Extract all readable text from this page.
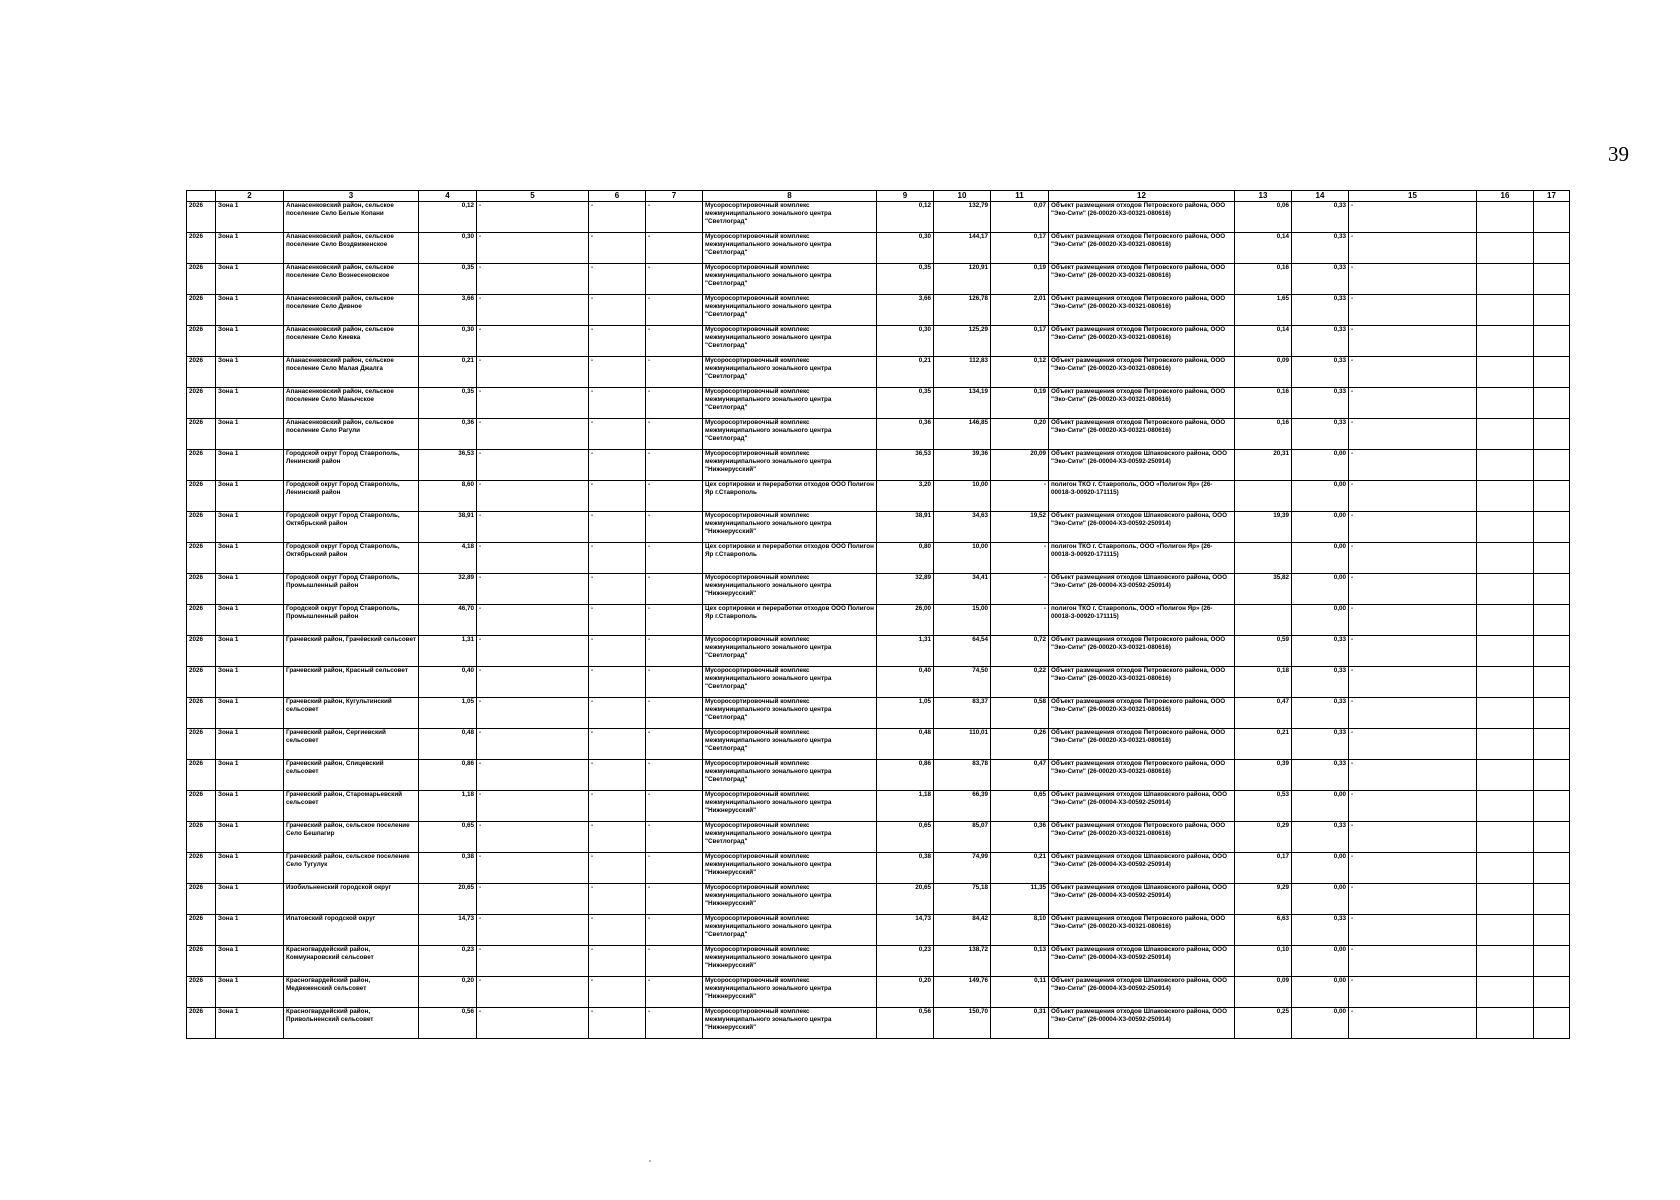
39
	2	3	4	5	6	7	8	9	10	11	12	13	14	15	16	17
2026	Зона 1	Апанасенковский район, сельское поселение Село Белые Копани	0,12	-	-	-	Мусоросортировочный комплекс межмуниципального зонального центра "Светлоград"	0,12	132,79	0,07	Объект размещения отходов Петровского района, ООО "Эко-Сити" (26-00020-Х3-00321-080616)	0,06	0,33	-		
2026	Зона 1	Апанасенковский район, сельское поселение Село Воздвиженское	0,30	-	-	-	Мусоросортировочный комплекс межмуниципального зонального центра "Светлоград"	0,30	144,17	0,17	Объект размещения отходов Петровского района, ООО "Эко-Сити" (26-00020-Х3-00321-080616)	0,14	0,33	-		
2026	Зона 1	Апанасенковский район, сельское поселение Село Вознесеновское	0,35	-	-	-	Мусоросортировочный комплекс межмуниципального зонального центра "Светлоград"	0,35	120,91	0,19	Объект размещения отходов Петровского района, ООО "Эко-Сити" (26-00020-Х3-00321-080616)	0,16	0,33	-		
2026	Зона 1	Апанасенковский район, сельское поселение Село Дивное	3,66	-	-	-	Мусоросортировочный комплекс межмуниципального зонального центра "Светлоград"	3,66	126,78	2,01	Объект размещения отходов Петровского района, ООО "Эко-Сити" (26-00020-Х3-00321-080616)	1,65	0,33	-		
2026	Зона 1	Апанасенковский район, сельское поселение Село Киевка	0,30	-	-	-	Мусоросортировочный комплекс межмуниципального зонального центра "Светлоград"	0,30	125,29	0,17	Объект размещения отходов Петровского района, ООО "Эко-Сити" (26-00020-Х3-00321-080616)	0,14	0,33	-		
2026	Зона 1	Апанасенковский район, сельское поселение Село Малая Джалга	0,21	-	-	-	Мусоросортировочный комплекс межмуниципального зонального центра "Светлоград"	0,21	112,83	0,12	Объект размещения отходов Петровского района, ООО "Эко-Сити" (26-00020-Х3-00321-080616)	0,09	0,33	-		
2026	Зона 1	Апанасенковский район, сельское поселение Село Манычское	0,35	-	-	-	Мусоросортировочный комплекс межмуниципального зонального центра "Светлоград"	0,35	134,19	0,19	Объект размещения отходов Петровского района, ООО "Эко-Сити" (26-00020-Х3-00321-080616)	0,16	0,33	-		
2026	Зона 1	Апанасенковский район, сельское поселение Село Рагули	0,36	-	-	-	Мусоросортировочный комплекс межмуниципального зонального центра "Светлоград"	0,36	146,85	0,20	Объект размещения отходов Петровского района, ООО "Эко-Сити" (26-00020-Х3-00321-080616)	0,16	0,33	-		
2026	Зона 1	Городской округ Город Ставрополь, Ленинский район	36,53	-	-	-	Мусоросортировочный комплекс межмуниципального зонального центра "Нижнерусский"	36,53	39,36	20,09	Объект размещения отходов Шпаковского района, ООО "Эко-Сити" (26-00004-Х3-00592-250914)	20,31	0,00	-		
2026	Зона 1	Городской округ Город Ставрополь, Ленинский район	8,60	-	-	-	Цех сортировки и переработки отходов ООО Полигон Яр г.Ставрополь	3,20	10,00	-	полигон ТКО г. Ставрополь, ООО «Полигон Яр» (26-00018-З-00920-171115)		0,00	-		
2026	Зона 1	Городской округ Город Ставрополь, Октябрьский район	38,91	-	-	-	Мусоросортировочный комплекс межмуниципального зонального центра "Нижнерусский"	38,91	34,63	19,52	Объект размещения отходов Шпаковского района, ООО "Эко-Сити" (26-00004-Х3-00592-250914)	19,39	0,00	-		
2026	Зона 1	Городской округ Город Ставрополь, Октябрьский район	4,18	-	-	-	Цех сортировки и переработки отходов ООО Полигон Яр г.Ставрополь	0,80	10,00	-	полигон ТКО г. Ставрополь, ООО «Полигон Яр» (26-00018-З-00920-171115)		0,00	-		
2026	Зона 1	Городской округ Город Ставрополь, Промышленный район	32,89	-	-	-	Мусоросортировочный комплекс межмуниципального зонального центра "Нижнерусский"	32,89	34,41	-	Объект размещения отходов Шпаковского района, ООО "Эко-Сити" (26-00004-Х3-00592-250914)	35,82	0,00	-		
2026	Зона 1	Городской округ Город Ставрополь, Промышленный район	46,70	-	-	-	Цех сортировки и переработки отходов ООО Полигон Яр г.Ставрополь	26,00	15,00	-	полигон ТКО г. Ставрополь, ООО «Полигон Яр» (26-00018-З-00920-171115)		0,00	-		
2026	Зона 1	Грачевский район, Грачёвский сельсовет	1,31	-	-	-	Мусоросортировочный комплекс межмуниципального зонального центра "Светлоград"	1,31	64,54	0,72	Объект размещения отходов Петровского района, ООО "Эко-Сити" (26-00020-Х3-00321-080616)	0,59	0,33	-		
2026	Зона 1	Грачевский район, Красный сельсовет	0,40	-	-	-	Мусоросортировочный комплекс межмуниципального зонального центра "Светлоград"	0,40	74,50	0,22	Объект размещения отходов Петровского района, ООО "Эко-Сити" (26-00020-Х3-00321-080616)	0,18	0,33	-		
2026	Зона 1	Грачевский район, Кугультинский сельсовет	1,05	-	-	-	Мусоросортировочный комплекс межмуниципального зонального центра "Светлоград"	1,05	83,37	0,58	Объект размещения отходов Петровского района, ООО "Эко-Сити" (26-00020-Х3-00321-080616)	0,47	0,33	-		
2026	Зона 1	Грачевский район, Сергиевский сельсовет	0,48	-	-	-	Мусоросортировочный комплекс межмуниципального зонального центра "Светлоград"	0,48	110,01	0,26	Объект размещения отходов Петровского района, ООО "Эко-Сити" (26-00020-Х3-00321-080616)	0,21	0,33	-		
2026	Зона 1	Грачевский район, Спицевский сельсовет	0,86	-	-	-	Мусоросортировочный комплекс межмуниципального зонального центра "Светлоград"	0,86	83,78	0,47	Объект размещения отходов Петровского района, ООО "Эко-Сити" (26-00020-Х3-00321-080616)	0,39	0,33	-		
2026	Зона 1	Грачевский район, Старомарьевский сельсовет	1,18	-	-	-	Мусоросортировочный комплекс межмуниципального зонального центра "Нижнерусский"	1,18	66,39	0,65	Объект размещения отходов Шпаковского района, ООО "Эко-Сити" (26-00004-Х3-00592-250914)	0,53	0,00	-		
2026	Зона 1	Грачевский район, сельское поселение Село Бешпагир	0,65	-	-	-	Мусоросортировочный комплекс межмуниципального зонального центра "Светлоград"	0,65	85,07	0,36	Объект размещения отходов Петровского района, ООО "Эко-Сити" (26-00020-Х3-00321-080616)	0,29	0,33	-		
2026	Зона 1	Грачевский район, сельское поселение Село Тугулук	0,38	-	-	-	Мусоросортировочный комплекс межмуниципального зонального центра "Нижнерусский"	0,38	74,99	0,21	Объект размещения отходов Шпаковского района, ООО "Эко-Сити" (26-00004-Х3-00592-250914)	0,17	0,00	-		
2026	Зона 1	Изобильненский городской округ	20,65	-	-	-	Мусоросортировочный комплекс межмуниципального зонального центра "Нижнерусский"	20,65	75,18	11,35	Объект размещения отходов Шпаковского района, ООО "Эко-Сити" (26-00004-Х3-00592-250914)	9,29	0,00	-		
2026	Зона 1	Ипатовский городской округ	14,73	-	-	-	Мусоросортировочный комплекс межмуниципального зонального центра "Светлоград"	14,73	84,42	8,10	Объект размещения отходов Петровского района, ООО "Эко-Сити" (26-00020-Х3-00321-080616)	6,63	0,33	-		
2026	Зона 1	Красногвардейский район, Коммунаровский сельсовет	0,23	-	-	-	Мусоросортировочный комплекс межмуниципального зонального центра "Нижнерусский"	0,23	138,72	0,13	Объект размещения отходов Шпаковского района, ООО "Эко-Сити" (26-00004-Х3-00592-250914)	0,10	0,00	-		
2026	Зона 1	Красногвардейский район, Медвеженский сельсовет	0,20	-	-	-	Мусоросортировочный комплекс межмуниципального зонального центра "Нижнерусский"	0,20	149,76	0,11	Объект размещения отходов Шпаковского района, ООО "Эко-Сити" (26-00004-Х3-00592-250914)	0,09	0,00	-		
2026	Зона 1	Красногвардейский район, Привольненский сельсовет	0,56	-	-	-	Мусоросортировочный комплекс межмуниципального зонального центра "Нижнерусский"	0,56	150,70	0,31	Объект размещения отходов Шпаковского района, ООО "Эко-Сити" (26-00004-Х3-00592-250914)	0,25	0,00	-		
